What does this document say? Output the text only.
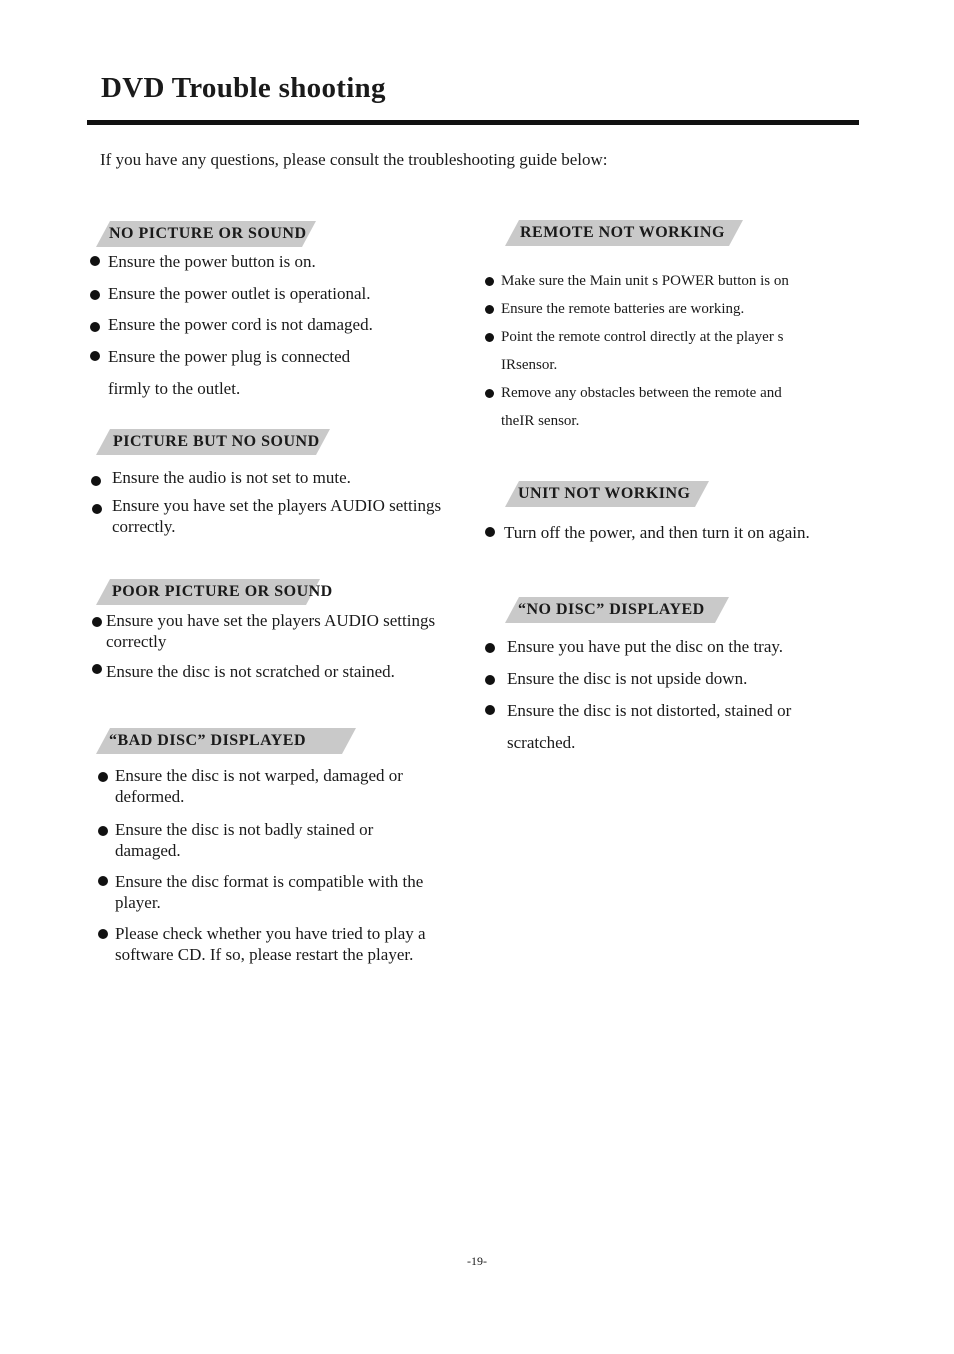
DVD Trouble shooting
If you have any questions, please consult the troubleshooting guide below:
NO PICTURE OR SOUND
Ensure the power button is on.
Ensure the power outlet is operational.
Ensure the power cord is not damaged.
Ensure the power plug is connected
firmly to the outlet.
PICTURE BUT NO SOUND
Ensure the audio is not set to mute.
Ensure you have set the players AUDIO settings correctly.
POOR PICTURE OR SOUND
Ensure you have set the players AUDIO settings correctly
Ensure the disc is not scratched or stained.
“BAD DISC” DISPLAYED
Ensure the disc is not warped, damaged or deformed.
Ensure the disc is not badly stained or damaged.
Ensure the disc format is compatible with the player.
Please check whether you have tried to play a software CD. If so, please restart the player.
REMOTE NOT WORKING
Make sure the Main unit s POWER button is on
Ensure the remote batteries are working.
Point the remote control directly at the player s
IRsensor.
Remove any obstacles between the remote and
theIR sensor.
UNIT NOT WORKING
Turn off the power, and then turn it on again.
“NO DISC” DISPLAYED
Ensure you have put the disc on the tray.
Ensure the disc is not upside down.
Ensure the disc is not distorted, stained or
scratched.
-19-
